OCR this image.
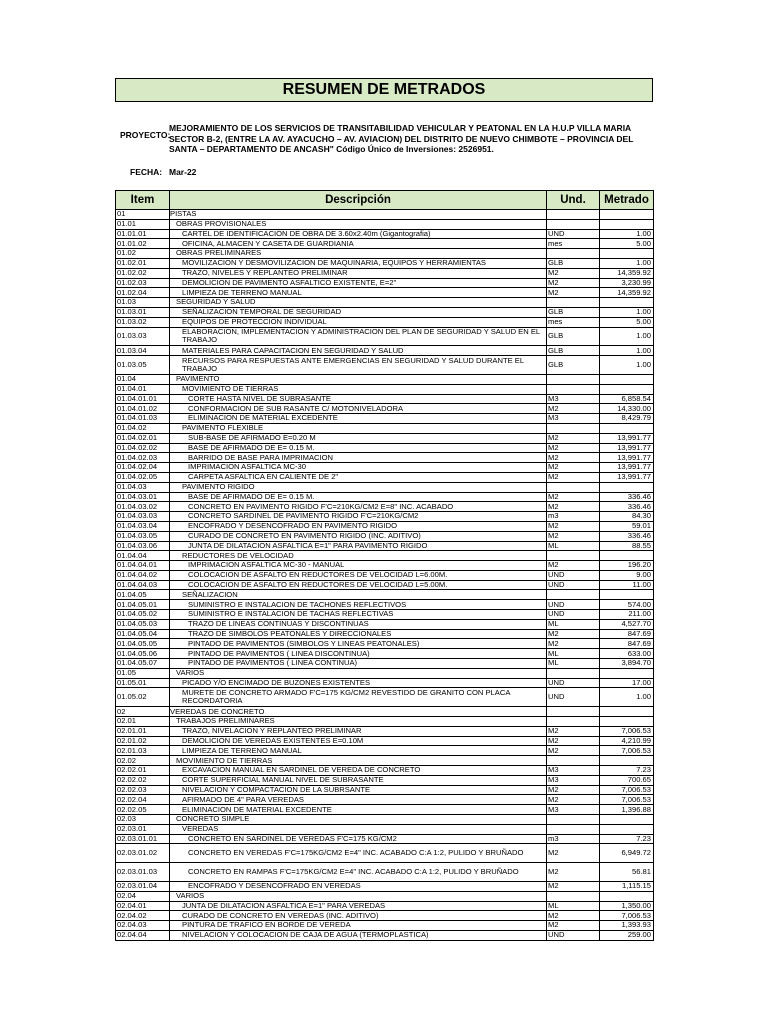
RESUMEN DE METRADOS
PROYECTO:
MEJORAMIENTO DE LOS SERVICIOS DE TRANSITABILIDAD VEHICULAR Y PEATONAL EN LA H.U.P VILLA MARIA SECTOR B-2, (ENTRE LA AV. AYACUCHO – AV. AVIACION) DEL DISTRITO DE NUEVO CHIMBOTE – PROVINCIA DEL SANTA – DEPARTAMENTO DE ANCASH" Código Único de Inversiones: 2526951.
FECHA: Mar-22
Item	Descripción	Und.	Metrado
01	PISTAS		
01.01	OBRAS PROVISIONALES		
01.01.01	CARTEL DE IDENTIFICACIÓN DE OBRA DE 3.60x2.40m (Gigantografia)	UND	1.00
01.01.02	OFICINA, ALMACEN Y CASETA DE GUARDIANIA	mes	5.00
01.02	OBRAS PRELIMINARES		
01.02.01	MOVILIZACION Y DESMOVILIZACION DE MAQUINARIA, EQUIPOS Y HERRAMIENTAS	GLB	1.00
01.02.02	TRAZO, NIVELES Y REPLANTEO PRELIMINAR	M2	14,359.92
01.02.03	DEMOLICION DE PAVIMENTO ASFALTICO EXISTENTE, E=2"	M2	3,230.99
01.02.04	LIMPIEZA DE TERRENO MANUAL	M2	14,359.92
01.03	SEGURIDAD Y SALUD		
01.03.01	SEÑALIZACION TEMPORAL DE SEGURIDAD	GLB	1.00
01.03.02	EQUIPOS DE PROTECCION INDIVIDUAL	mes	5.00
01.03.03	ELABORACION, IMPLEMENTACION Y ADMINISTRACION DEL PLAN DE SEGURIDAD Y SALUD EN EL TRABAJO	GLB	1.00
01.03.04	MATERIALES PARA CAPACITACION EN SEGURIDAD Y SALUD	GLB	1.00
01.03.05	RECURSOS PARA RESPUESTAS ANTE EMERGENCIAS EN SEGURIDAD Y SALUD DURANTE EL TRABAJO	GLB	1.00
01.04	PAVIMENTO		
01.04.01	MOVIMIENTO DE TIERRAS		
01.04.01.01	CORTE HASTA NIVEL DE SUBRASANTE	M3	6,858.54
01.04.01.02	CONFORMACION DE SUB RASANTE C/ MOTONIVELADORA	M2	14,330.00
01.04.01.03	ELIMINACION DE MATERIAL EXCEDENTE	M3	8,429.79
01.04.02	PAVIMENTO FLEXIBLE		
01.04.02.01	SUB-BASE DE AFIRMADO E=0.20 M	M2	13,991.77
01.04.02.02	BASE DE AFIRMADO DE E= 0.15 M.	M2	13,991.77
01.04.02.03	BARRIDO DE BASE PARA IMPRIMACION	M2	13,991.77
01.04.02.04	IMPRIMACION ASFALTICA MC-30	M2	13,991.77
01.04.02.05	CARPETA ASFALTICA EN CALIENTE DE 2"	M2	13,991.77
01.04.03	PAVIMENTO RIGIDO		
01.04.03.01	BASE DE AFIRMADO DE E= 0.15 M.	M2	336.46
01.04.03.02	CONCRETO EN PAVIMENTO RIGIDO F'C=210KG/CM2 E=8" INC. ACABADO	M2	336.46
01.04.03.03	CONCRETO SARDINEL DE PAVIMENTO RIGIDO F'C=210KG/CM2	m3	84.30
01.04.03.04	ENCOFRADO Y DESENCOFRADO EN PAVIMENTO RIGIDO	M2	59.01
01.04.03.05	CURADO DE CONCRETO EN PAVIMENTO RIGIDO (INC. ADITIVO)	M2	336.46
01.04.03.06	JUNTA DE DILATACION ASFALTICA E=1" PARA PAVIMENTO RIGIDO	ML	88.55
01.04.04	REDUCTORES DE VELOCIDAD		
01.04.04.01	IMPRIMACION ASFALTICA MC-30 - MANUAL	M2	196.20
01.04.04.02	COLOCACION DE ASFALTO EN REDUCTORES DE VELOCIDAD L=6.00M.	UND	9.00
01.04.04.03	COLOCACION DE ASFALTO EN REDUCTORES DE VELOCIDAD L=5.00M.	UND	11.00
01.04.05	SEÑALIZACION		
01.04.05.01	SUMINISTRO E INSTALACION DE TACHONES REFLECTIVOS	UND	574.00
01.04.05.02	SUMINISTRO E INSTALACION DE TACHAS REFLECTIVAS	UND	211.00
01.04.05.03	TRAZO DE LINEAS CONTINUAS Y DISCONTINUAS	ML	4,527.70
01.04.05.04	TRAZO DE SIMBOLOS PEATONALES Y DIRECCIONALES	M2	847.69
01.04.05.05	PINTADO DE PAVIMENTOS (SIMBOLOS Y LINEAS PEATONALES)	M2	847.69
01.04.05.06	PINTADO DE PAVIMENTOS ( LINEA DISCONTINUA)	ML	633.00
01.04.05.07	PINTADO DE PAVIMENTOS ( LINEA CONTINUA)	ML	3,894.70
01.05	VARIOS		
01.05.01	PICADO Y/O ENCIMADO DE BUZONES EXISTENTES	UND	17.00
01.05.02	MURETE DE CONCRETO ARMADO F'C=175 KG/CM2 REVESTIDO DE GRANITO CON PLACA RECORDATORIA	UND	1.00
02	VEREDAS DE CONCRETO		
02.01	TRABAJOS PRELIMINARES		
02.01.01	TRAZO, NIVELACION Y REPLANTEO PRELIMINAR	M2	7,006.53
02.01.02	DEMOLICION DE VEREDAS EXISTENTES E=0.10M	M2	4,210.99
02.01.03	LIMPIEZA DE TERRENO MANUAL	M2	7,006.53
02.02	MOVIMIENTO DE TIERRAS		
02.02.01	EXCAVACION MANUAL EN SARDINEL DE VEREDA DE CONCRETO	M3	7.23
02.02.02	CORTE SUPERFICIAL MANUAL NIVEL DE SUBRASANTE	M3	700.65
02.02.03	NIVELACION Y COMPACTACION DE LA SUBRSANTE	M2	7,006.53
02.02.04	AFIRMADO DE 4" PARA VEREDAS	M2	7,006.53
02.02.05	ELIMINACION DE MATERIAL EXCEDENTE	M3	1,396.88
02.03	CONCRETO SIMPLE		
02.03.01	VEREDAS		
02.03.01.01	CONCRETO EN SARDINEL DE VEREDAS F'C=175 KG/CM2	m3	7.23
02.03.01.02	CONCRETO EN VEREDAS F'C=175KG/CM2 E=4" INC. ACABADO C:A 1:2, PULIDO Y BRUÑADO	M2	6,949.72
02.03.01.03	CONCRETO EN RAMPAS F'C=175KG/CM2 E=4" INC. ACABADO C:A 1:2, PULIDO Y BRUÑADO	M2	56.81
02.03.01.04	ENCOFRADO Y DESENCOFRADO EN VEREDAS	M2	1,115.15
02.04	VARIOS		
02.04.01	JUNTA DE DILATACION ASFALTICA E=1" PARA VEREDAS	ML	1,350.00
02.04.02	CURADO DE CONCRETO EN VEREDAS (INC. ADITIVO)	M2	7,006.53
02.04.03	PINTURA DE TRAFICO EN BORDE DE VEREDA	M2	1,393.93
02.04.04	NIVELACION Y COLOCACION DE CAJA DE AGUA (TERMOPLASTICA)	UND	259.00
